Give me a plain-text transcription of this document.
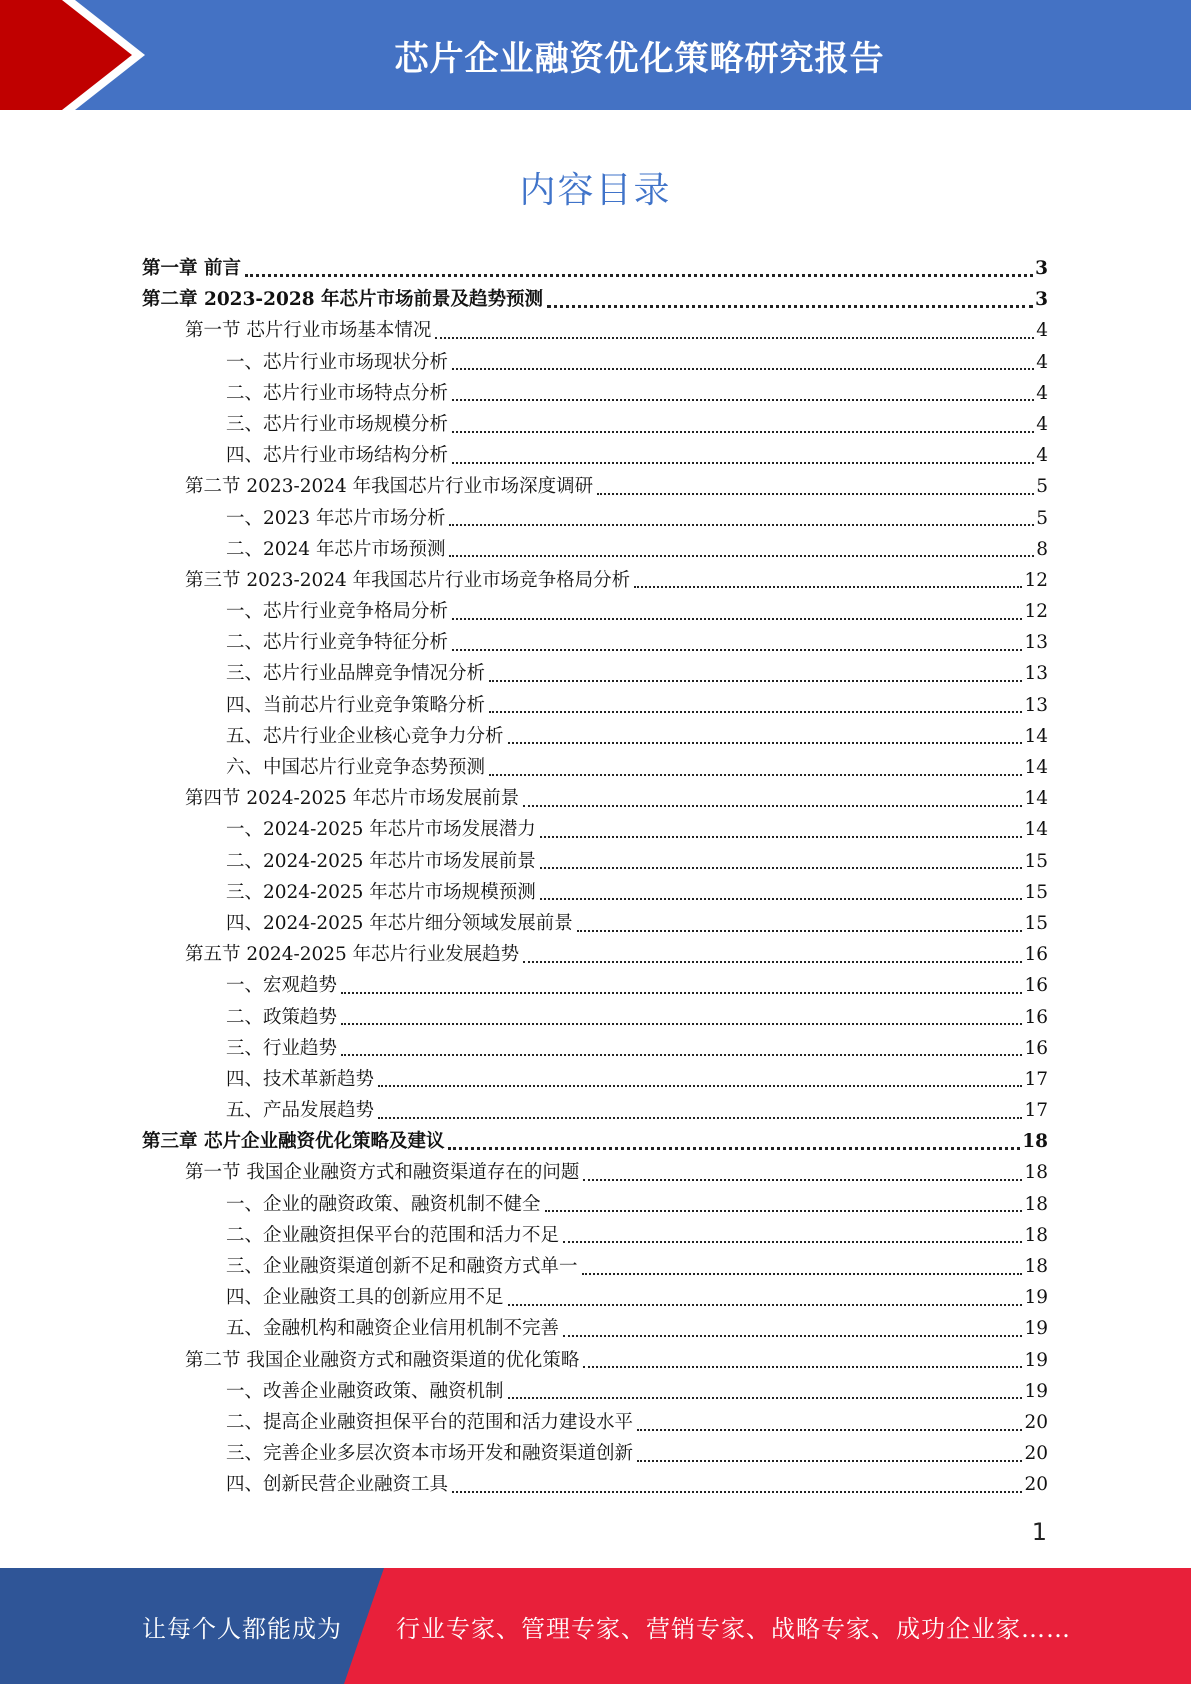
芯片企业融资优化策略研究报告
内容目录
第一章 前言	3
第二章 2023-2028 年芯片市场前景及趋势预测	3
第一节 芯片行业市场基本情况	4
一、芯片行业市场现状分析	4
二、芯片行业市场特点分析	4
三、芯片行业市场规模分析	4
四、芯片行业市场结构分析	4
第二节 2023-2024 年我国芯片行业市场深度调研	5
一、2023 年芯片市场分析	5
二、2024 年芯片市场预测	8
第三节 2023-2024 年我国芯片行业市场竞争格局分析	12
一、芯片行业竞争格局分析	12
二、芯片行业竞争特征分析	13
三、芯片行业品牌竞争情况分析	13
四、当前芯片行业竞争策略分析	13
五、芯片行业企业核心竞争力分析	14
六、中国芯片行业竞争态势预测	14
第四节 2024-2025 年芯片市场发展前景	14
一、2024-2025 年芯片市场发展潜力	14
二、2024-2025 年芯片市场发展前景	15
三、2024-2025 年芯片市场规模预测	15
四、2024-2025 年芯片细分领域发展前景	15
第五节 2024-2025 年芯片行业发展趋势	16
一、宏观趋势	16
二、政策趋势	16
三、行业趋势	16
四、技术革新趋势	17
五、产品发展趋势	17
第三章 芯片企业融资优化策略及建议	18
第一节 我国企业融资方式和融资渠道存在的问题	18
一、企业的融资政策、融资机制不健全	18
二、企业融资担保平台的范围和活力不足	18
三、企业融资渠道创新不足和融资方式单一	18
四、企业融资工具的创新应用不足	19
五、金融机构和融资企业信用机制不完善	19
第二节 我国企业融资方式和融资渠道的优化策略	19
一、改善企业融资政策、融资机制	19
二、提高企业融资担保平台的范围和活力建设水平	20
三、完善企业多层次资本市场开发和融资渠道创新	20
四、创新民营企业融资工具	20
1
让每个人都能成为 行业专家、管理专家、营销专家、战略专家、成功企业家……
